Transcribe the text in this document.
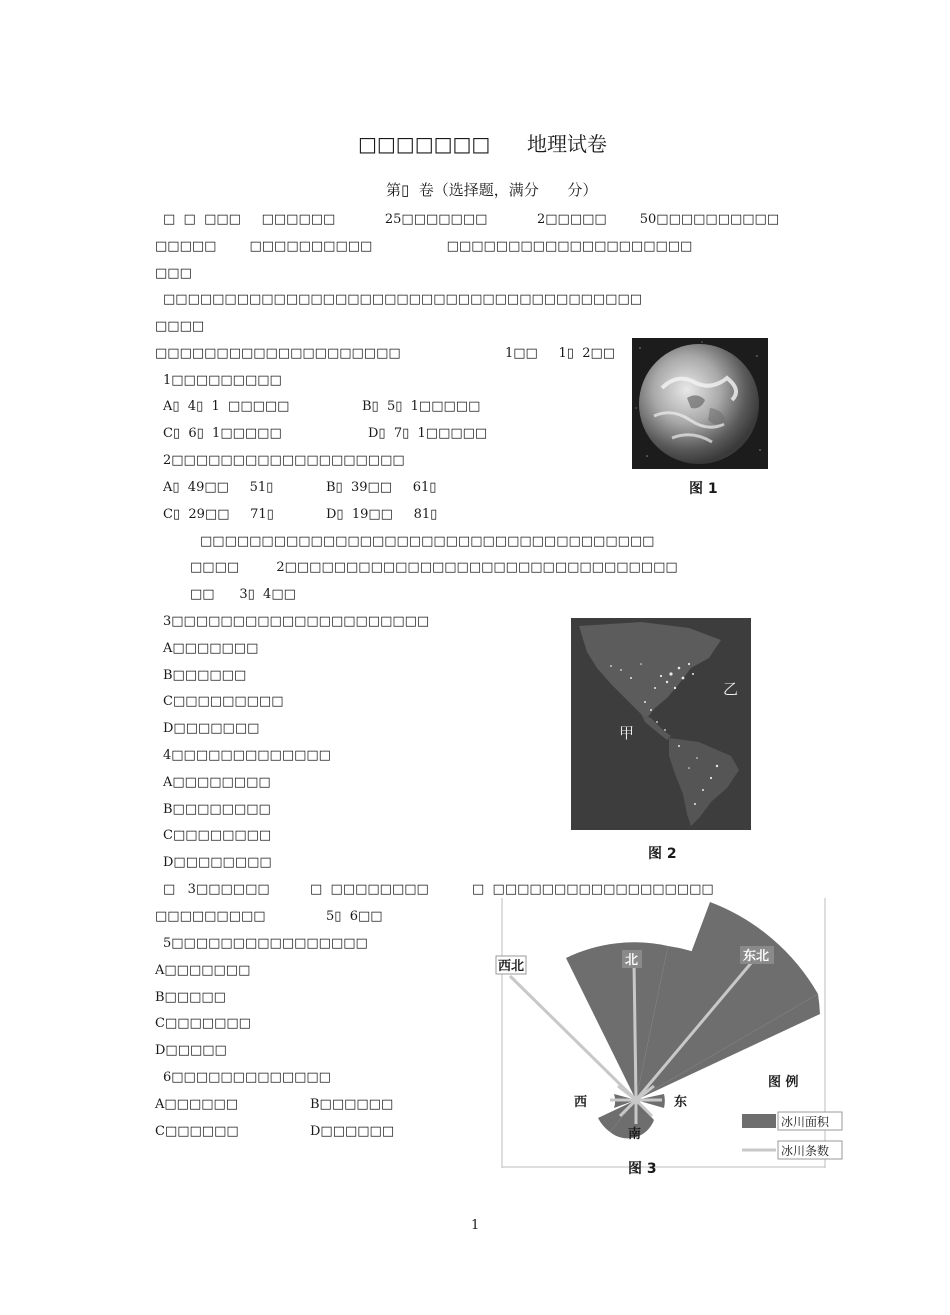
□□□□□□□ 地理试卷
第▯  卷（选择题，满分      分）
□  □  □□□     □□□□□□            25□□□□□□□            2□□□□□        50□□□□□□□□□□
□□□□□        □□□□□□□□□□                  □□□□□□□□□□□□□□□□□□□□
□□□
□□□□□□□□□□□□□□□□□□□□□□□□□□□□□□□□□□□□□□□
□□□□
□□□□□□□□□□□□□□□□□□□□	1□□     1▯  2□□
1□□□□□□□□□
A▯  4▯  1  □□□□□	B▯  5▯  1□□□□□
C▯  6▯  1□□□□□	D▯  7▯  1□□□□□
2□□□□□□□□□□□□□□□□□□□
A▯  49□□     51▯	B▯  39□□     61▯
C▯  29□□     71▯	D▯  19□□     81▯
图 1
□□□□□□□□□□□□□□□□□□□□□□□□□□□□□□□□□□□□□
□□□□         2□□□□□□□□□□□□□□□□□□□□□□□□□□□□□□□□
□□      3▯  4□□
3□□□□□□□□□□□□□□□□□□□□□
A□□□□□□□
B□□□□□□
C□□□□□□□□□
D□□□□□□□
4□□□□□□□□□□□□□
A□□□□□□□□
B□□□□□□□□
C□□□□□□□□
D□□□□□□□□
乙
甲
图 2
□   3□□□□□□	□  □□□□□□□□	□  □□□□□□□□□□□□□□□□□□
□□□□□□□□□	5▯  6□□
5□□□□□□□□□□□□□□□□
A□□□□□□□
B□□□□□
C□□□□□□□
D□□□□□
6□□□□□□□□□□□□□
A□□□□□□	B□□□□□□
C□□□□□□	D□□□□□□
西北	北	东北
西	东
南
图 例
冰川面积
冰川条数
图 3
1
